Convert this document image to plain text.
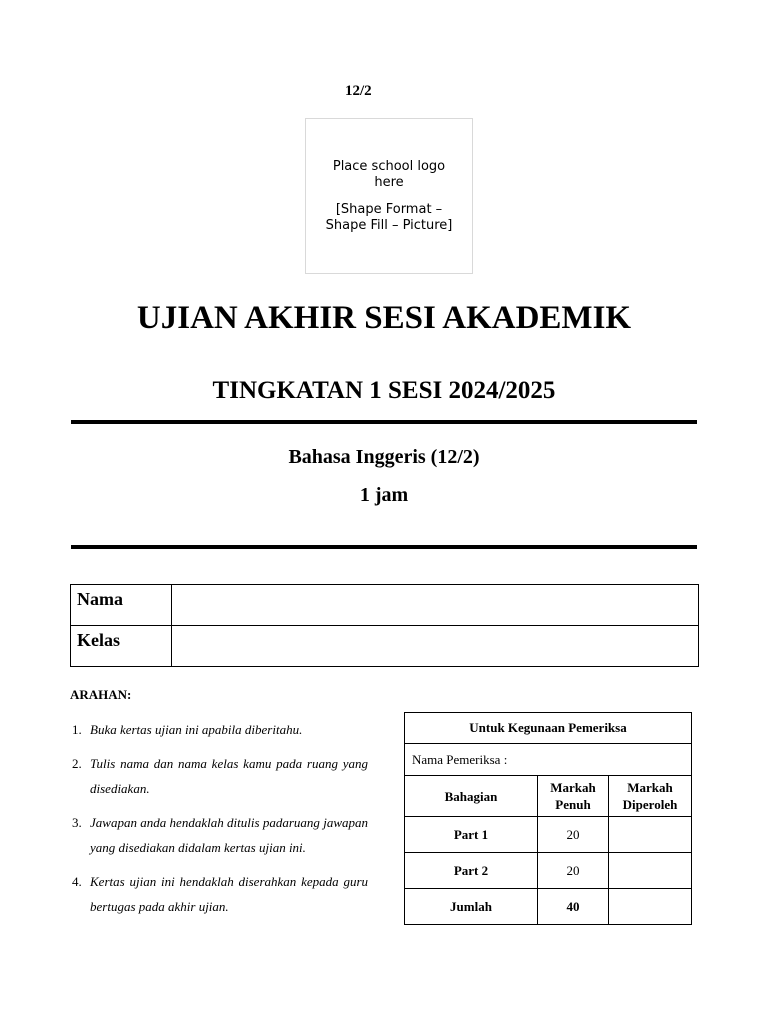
12/2
Place school logo here
[Shape Format – Shape Fill – Picture]
UJIAN AKHIR SESI AKADEMIK
TINGKATAN 1 SESI 2024/2025
Bahasa Inggeris (12/2)
1 jam
Nama	
Kelas	
ARAHAN:
1. Buka kertas ujian ini apabila diberitahu.
2. Tulis nama dan nama kelas kamu pada ruang yang disediakan.
3. Jawapan anda hendaklah ditulis padaruang jawapan yang disediakan didalam kertas ujian ini.
4. Kertas ujian ini hendaklah diserahkan kepada guru bertugas pada akhir ujian.
Untuk Kegunaan Pemeriksa		
Nama Pemeriksa :		
Bahagian	Markah Penuh	Markah Diperoleh
Part 1	20	
Part 2	20	
Jumlah	40	
